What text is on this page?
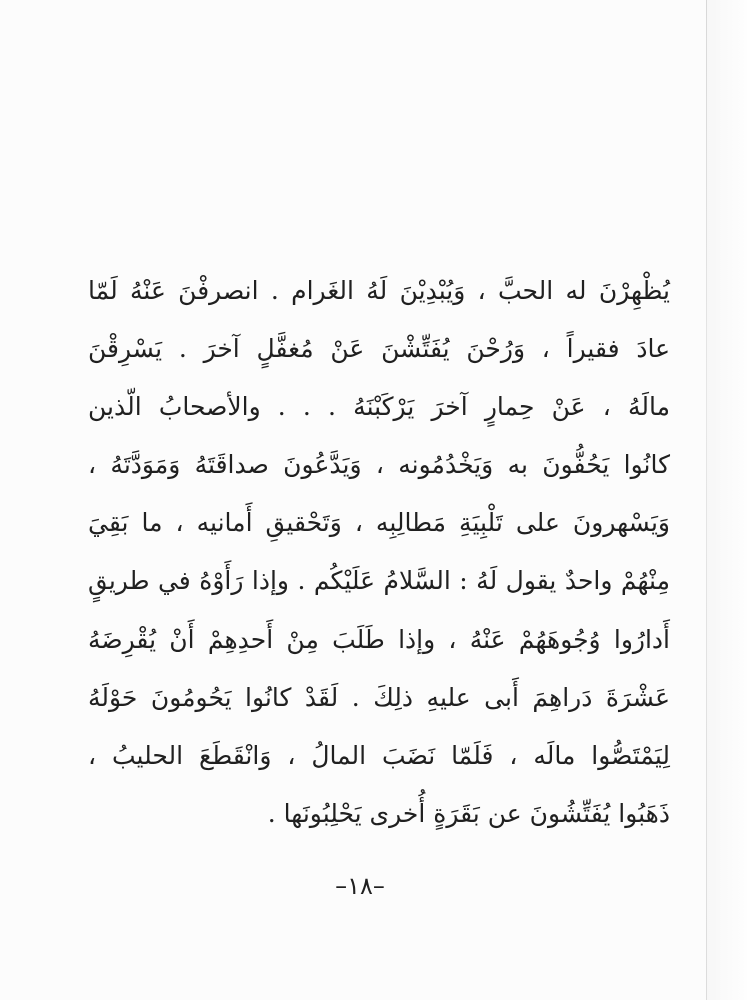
يُظْهِرْنَ له الحبَّ ، وَيُبْدِيْنَ لَهُ الغَرام . انصرفْنَ عَنْهُ لَمّا
عادَ فقيراً ، وَرُحْنَ يُفَتِّشْنَ عَنْ مُغفَّلٍ آخرَ . يَسْرِقْنَ
مالَهُ ، عَنْ حِمارٍ آخرَ يَرْكَبْنَهُ . . . والأصحابُ الّذين
كانُوا يَحُفُّونَ به وَيَخْدُمُونه ، وَيَدَّعُونَ صداقَتَهُ وَمَوَدَّتَهُ ،
وَيَسْهرونَ على تَلْبِيَةِ مَطالِبِه ، وَتَحْقيقِ أَمانيه ، ما بَقِيَ
مِنْهُمْ واحدٌ يقول لَهُ : السَّلامُ عَلَيْكُم . وإذا رَأَوْهُ في طريقٍ
أَدارُوا وُجُوهَهُمْ عَنْهُ ، وإذا طَلَبَ مِنْ أَحدِهِمْ أَنْ يُقْرِضَهُ
عَشْرَةَ دَراهِمَ أَبى عليهِ ذلِكَ . لَقَدْ كانُوا يَحُومُونَ حَوْلَهُ
لِيَمْتَصُّوا مالَه ، فَلَمّا نَضَبَ المالُ ، وَانْقَطَعَ الحليبُ ،
ذَهَبُوا يُفَتِّشُونَ عن بَقَرَةٍ أُخرى يَحْلِبُونَها .
–١٨–
